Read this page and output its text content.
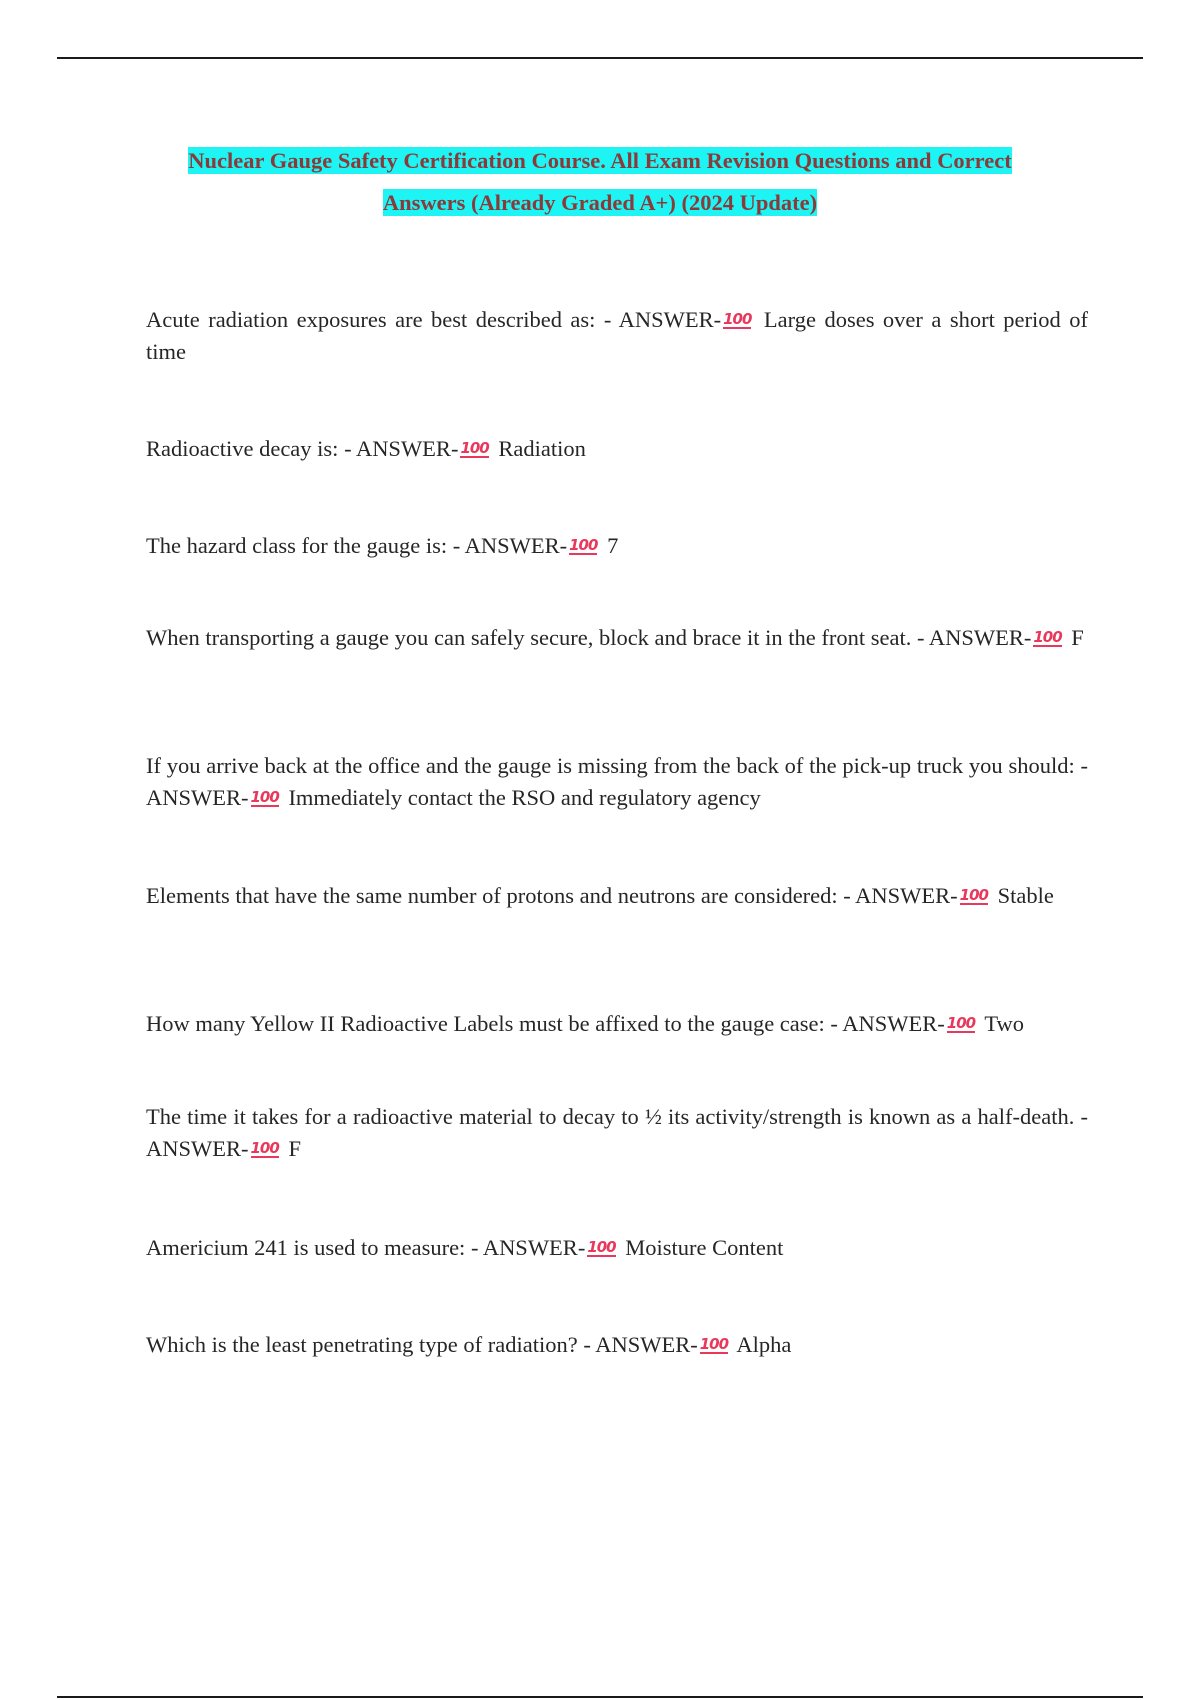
Nuclear Gauge Safety Certification Course. All Exam Revision Questions and Correct Answers (Already Graded A+) (2024 Update)
Acute radiation exposures are best described as: - ANSWER- 100 Large doses over a short period of time
Radioactive decay is: - ANSWER- 100 Radiation
The hazard class for the gauge is: - ANSWER- 100 7
When transporting a gauge you can safely secure, block and brace it in the front seat. - ANSWER- 100 F
If you arrive back at the office and the gauge is missing from the back of the pick-up truck you should: - ANSWER- 100 Immediately contact the RSO and regulatory agency
Elements that have the same number of protons and neutrons are considered: - ANSWER- 100 Stable
How many Yellow II Radioactive Labels must be affixed to the gauge case: - ANSWER- 100 Two
The time it takes for a radioactive material to decay to ½ its activity/strength is known as a half-death. - ANSWER- 100 F
Americium 241 is used to measure: - ANSWER- 100 Moisture Content
Which is the least penetrating type of radiation? - ANSWER- 100 Alpha
